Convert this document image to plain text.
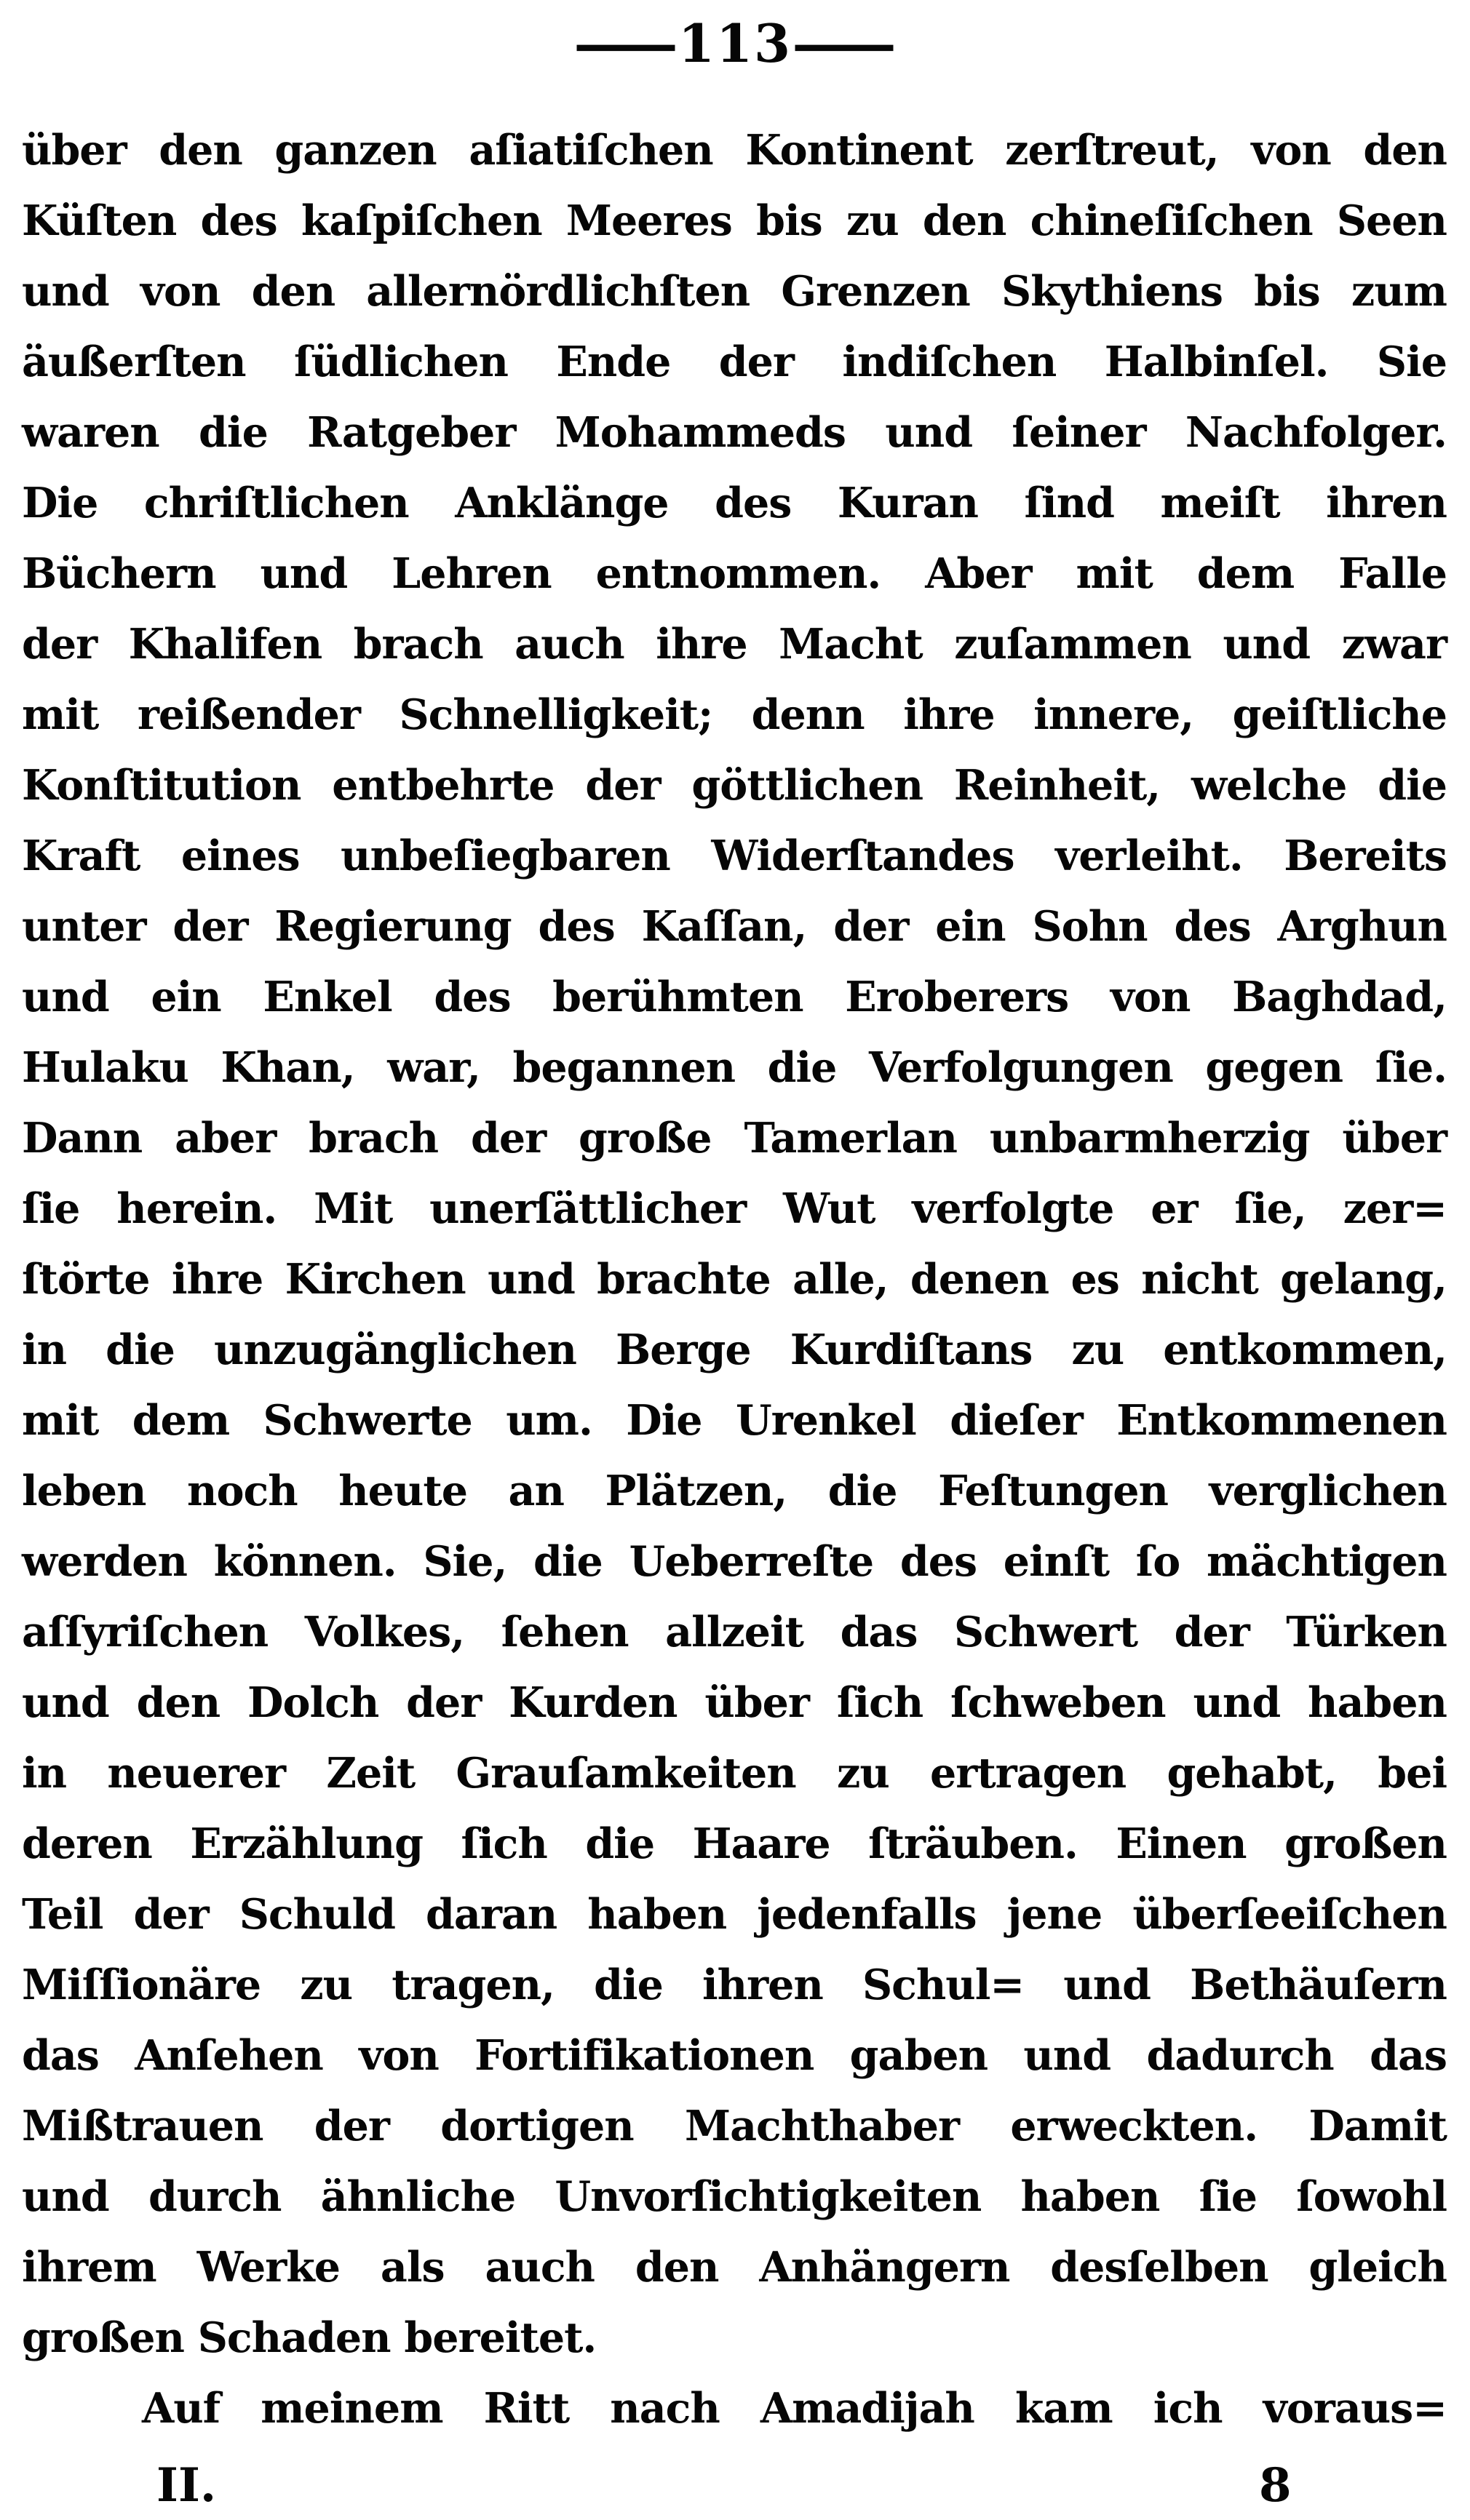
—113—
über den ganzen aſiatiſchen Kontinent zerſtreut, von den
Küſten des kaſpiſchen Meeres bis zu den chineſiſchen Seen
und von den allernördlichſten Grenzen Skythiens bis zum
äußerſten ſüdlichen Ende der indiſchen Halbinſel. Sie
waren die Ratgeber Mohammeds und ſeiner Nachfolger.
Die chriſtlichen Anklänge des Kuran ſind meiſt ihren
Büchern und Lehren entnommen. Aber mit dem Falle
der Khalifen brach auch ihre Macht zuſammen und zwar
mit reißender Schnelligkeit; denn ihre innere, geiſtliche
Konſtitution entbehrte der göttlichen Reinheit, welche die
Kraft eines unbeſiegbaren Widerſtandes verleiht. Bereits
unter der Regierung des Kaſſan, der ein Sohn des Arghun
und ein Enkel des berühmten Eroberers von Baghdad,
Hulaku Khan, war, begannen die Verfolgungen gegen ſie.
Dann aber brach der große Tamerlan unbarmherzig über
ſie herein. Mit unerſättlicher Wut verfolgte er ſie, zer=
ſtörte ihre Kirchen und brachte alle, denen es nicht gelang,
in die unzugänglichen Berge Kurdiſtans zu entkommen,
mit dem Schwerte um. Die Urenkel dieſer Entkommenen
leben noch heute an Plätzen, die Feſtungen verglichen
werden können. Sie, die Ueberreſte des einſt ſo mächtigen
aſſyriſchen Volkes, ſehen allzeit das Schwert der Türken
und den Dolch der Kurden über ſich ſchweben und haben
in neuerer Zeit Grauſamkeiten zu ertragen gehabt, bei
deren Erzählung ſich die Haare ſträuben. Einen großen
Teil der Schuld daran haben jedenfalls jene überſeeiſchen
Miſſionäre zu tragen, die ihren Schul= und Bethäuſern
das Anſehen von Fortifikationen gaben und dadurch das
Mißtrauen der dortigen Machthaber erweckten. Damit
und durch ähnliche Unvorſichtigkeiten haben ſie ſowohl
ihrem Werke als auch den Anhängern desſelben gleich
großen Schaden bereitet.
Auf meinem Ritt nach Amadijah kam ich voraus=
II.	8
